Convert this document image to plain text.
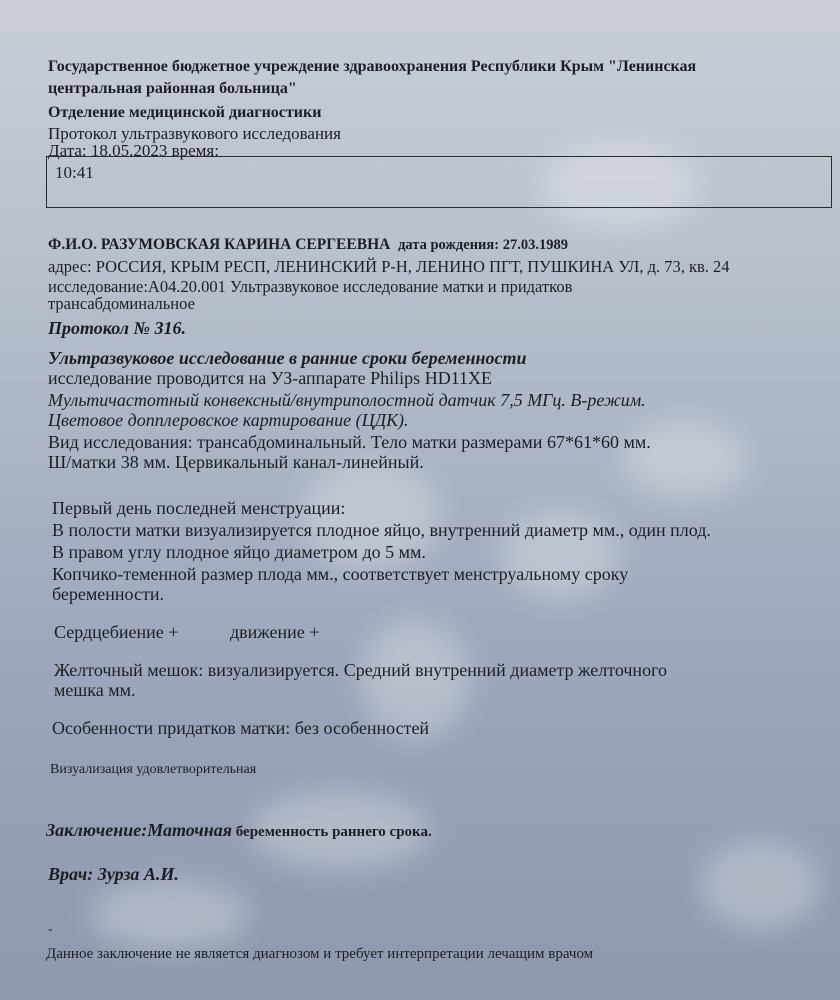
Государственное бюджетное учреждение здравоохранения Республики Крым "Ленинская
центральная районная больница"
Отделение медицинской диагностики
Протокол ультразвукового исследования
Дата: 18.05.2023 время:
10:41
Ф.И.О. РАЗУМОВСКАЯ КАРИНА СЕРГЕЕВНА дата рождения: 27.03.1989
адрес: РОССИЯ, КРЫМ РЕСП, ЛЕНИНСКИЙ Р-Н, ЛЕНИНО ПГТ, ПУШКИНА УЛ, д. 73, кв. 24
исследование:A04.20.001 Ультразвуковое исследование матки и придатков
трансабдоминальное
Протокол № 316.
Ультразвуковое исследование в ранние сроки беременности
исследование проводится на УЗ-аппарате Philips HD11XE
Мультичастотный конвексный/внутриполостной датчик 7,5 МГц. В-режим.
Цветовое допплеровское картирование (ЦДК).
Вид исследования: трансабдоминальный. Тело матки размерами 67*61*60 мм.
Ш/матки 38 мм. Цервикальный канал-линейный.
Первый день последней менструации:
В полости матки визуализируется плодное яйцо, внутренний диаметр мм., один плод.
В правом углу плодное яйцо диаметром до 5 мм.
Копчико-теменной размер плода мм., соответствует менструальному сроку
беременности.
Сердцебиение +	движение +
Желточный мешок: визуализируется. Средний внутренний диаметр желточного
мешка мм.
Особенности придатков матки: без особенностей
Визуализация удовлетворительная
Заключение:Маточная беременность раннего срока.
Врач: Зурза А.И.
-
Данное заключение не является диагнозом и требует интерпретации лечащим врачом
